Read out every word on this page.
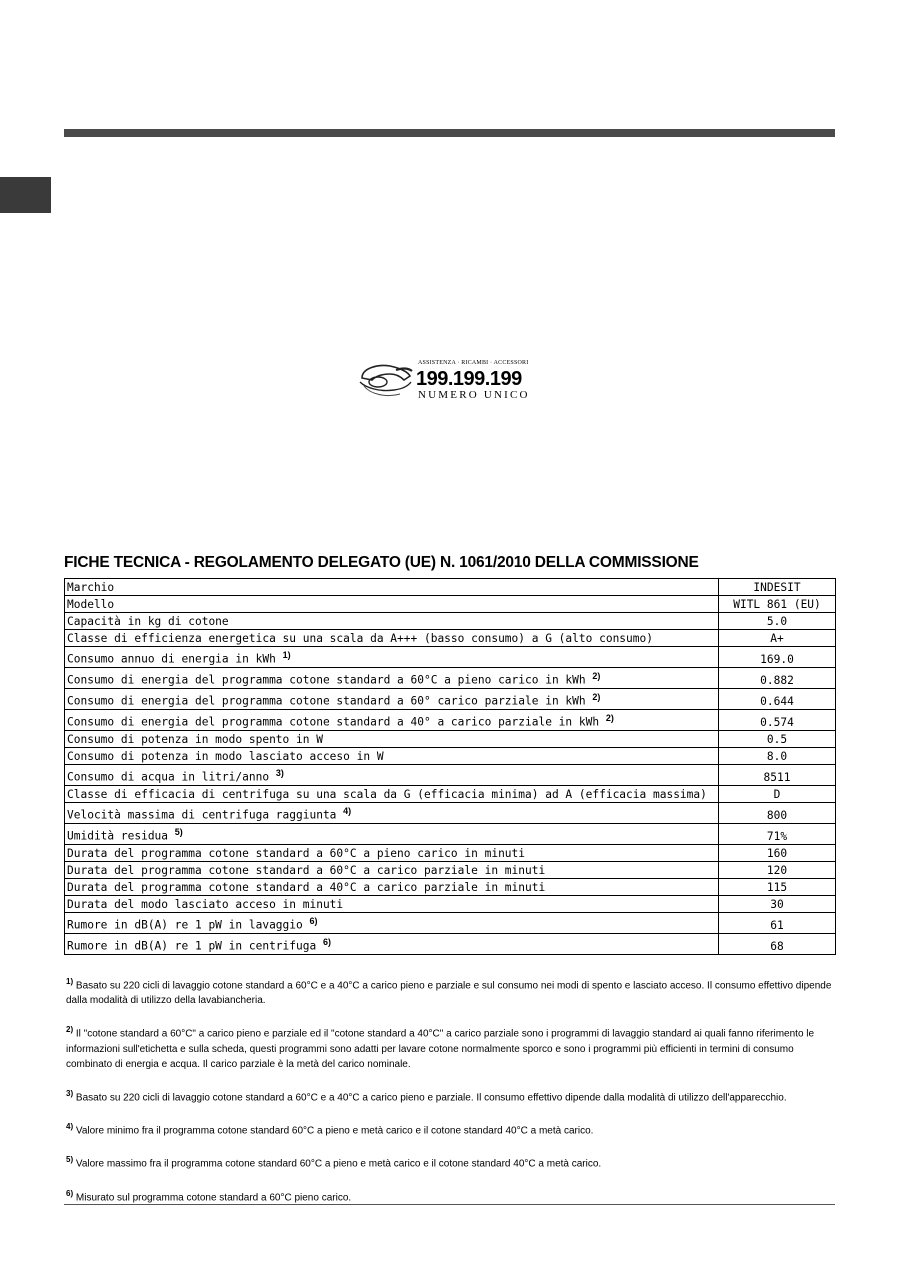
ASSISTENZA · RICAMBI · ACCESSORI
199.199.199
NUMERO UNICO
FICHE TECNICA - REGOLAMENTO DELEGATO (UE) N. 1061/2010 DELLA COMMISSIONE
Marchio	INDESIT
Modello	WITL 861 (EU)
Capacità in kg di cotone	5.0
Classe di efficienza energetica su una scala da A+++ (basso consumo) a G (alto consumo)	A+
Consumo annuo di energia in kWh $^{1)}$	169.0
Consumo di energia del programma cotone standard a 60°C a pieno carico in kWh $^{2)}$	0.882
Consumo di energia del programma cotone standard a 60° carico parziale in kWh $^{2)}$	0.644
Consumo di energia del programma cotone standard a 40° a carico parziale in kWh $^{2)}$	0.574
Consumo di potenza in modo spento in W	0.5
Consumo di potenza in modo lasciato acceso in W	8.0
Consumo di acqua in litri/anno $^{3)}$	8511
Classe di efficacia di centrifuga su una scala da G (efficacia minima) ad A (efficacia massima)	D
Velocità massima di centrifuga raggiunta $^{4)}$	800
Umidità residua $^{5)}$	71%
Durata del programma cotone standard a 60°C a pieno carico in minuti	160
Durata del programma cotone standard a 60°C a carico parziale in minuti	120
Durata del programma cotone standard a 40°C a carico parziale in minuti	115
Durata del modo lasciato acceso in minuti	30
Rumore in dB(A) re 1 pW in lavaggio $^{6)}$	61
Rumore in dB(A) re 1 pW in centrifuga $^{6)}$	68

$^{1)}$ Basato su 220 cicli di lavaggio cotone standard a 60°C e a 40°C a carico pieno e parziale e sul consumo nei modi di spento e lasciato acceso. Il consumo effettivo dipende dalla modalità di utilizzo della lavabiancheria.

$^{2)}$ Il "cotone standard a 60°C" a carico pieno e parziale ed il "cotone standard a 40°C" a carico parziale sono i programmi di lavaggio standard ai quali fanno riferimento le informazioni sull'etichetta e sulla scheda, questi programmi sono adatti per lavare cotone normalmente sporco e sono i programmi più efficienti in termini di consumo combinato di energia e acqua. Il carico parziale è la metà del carico nominale.

$^{3)}$ Basato su 220 cicli di lavaggio cotone standard a 60°C e a 40°C a carico pieno e parziale. Il consumo effettivo dipende dalla modalità di utilizzo dell'apparecchio.

$^{4)}$ Valore minimo fra il programma cotone standard 60°C a pieno e metà carico e il cotone standard 40°C a metà carico.

$^{5)}$ Valore massimo fra il programma cotone standard 60°C a pieno e metà carico e il cotone standard 40°C a metà carico.

$^{6)}$ Misurato sul programma cotone standard a 60°C pieno carico.
